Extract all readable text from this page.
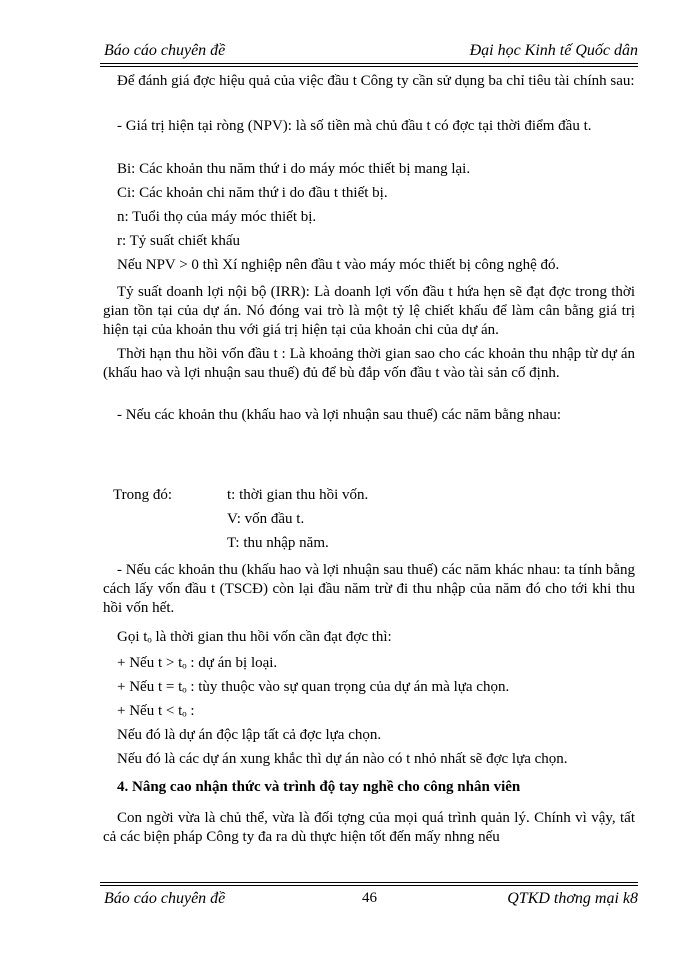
Báo cáo chuyên đề	Đại học Kinh tế Quốc dân

Để đánh giá đợc hiệu quả của việc đầu t Công ty cần sử dụng ba chỉ tiêu tài chính sau:

- Giá trị hiện tại ròng (NPV): là số tiền mà chủ đầu t có đợc tại thời điểm đầu t.

Bi: Các khoản thu năm thứ i do máy móc thiết bị mang lại.

Ci: Các khoản chi năm thứ i do đầu t thiết bị.

n: Tuổi thọ của máy móc thiết bị.

r: Tỷ suất chiết khấu

Nếu NPV > 0 thì Xí nghiệp nên đầu t vào máy móc thiết bị công nghệ đó.

Tỷ suất doanh lợi nội bộ (IRR): Là doanh lợi vốn đầu t hứa hẹn sẽ đạt đợc trong thời gian tồn tại của dự án. Nó đóng vai trò là một tỷ lệ chiết khấu để làm cân bằng giá trị hiện tại của khoản thu với giá trị hiện tại của khoản chi của dự án.

Thời hạn thu hồi vốn đầu t : Là khoảng thời gian sao cho các khoản thu nhập từ dự án (khấu hao và lợi nhuận sau thuế) đủ để bù đắp vốn đầu t vào tài sản cố định.

- Nếu các khoản thu (khấu hao và lợi nhuận sau thuế) các năm bằng nhau:

Trong đó:	t: thời gian thu hồi vốn.
V: vốn đầu t.
T: thu nhập năm.

- Nếu các khoản thu (khấu hao và lợi nhuận sau thuế) các năm khác nhau: ta tính bằng cách lấy vốn đầu t (TSCĐ) còn lại đầu năm trừ đi thu nhập của năm đó cho tới khi thu hồi vốn hết.

Gọi tₒ là thời gian thu hồi vốn cần đạt đợc thì:

+ Nếu t > tₒ : dự án bị loại.

+ Nếu t = tₒ : tùy thuộc vào sự quan trọng của dự án mà lựa chọn.

+ Nếu t < tₒ :

Nếu đó là dự án độc lập tất cả đợc lựa chọn.

Nếu đó là các dự án xung khắc thì dự án nào có t nhỏ nhất sẽ đợc lựa chọn.

4. Nâng cao nhận thức và trình độ tay nghề cho công nhân viên

Con ngời vừa là chủ thể, vừa là đối tợng của mọi quá trình quản lý. Chính vì vậy, tất cả các biện pháp Công ty đa ra dù thực hiện tốt đến mấy nhng nếu

Báo cáo chuyên đề	46	QTKD thơng mại k8
